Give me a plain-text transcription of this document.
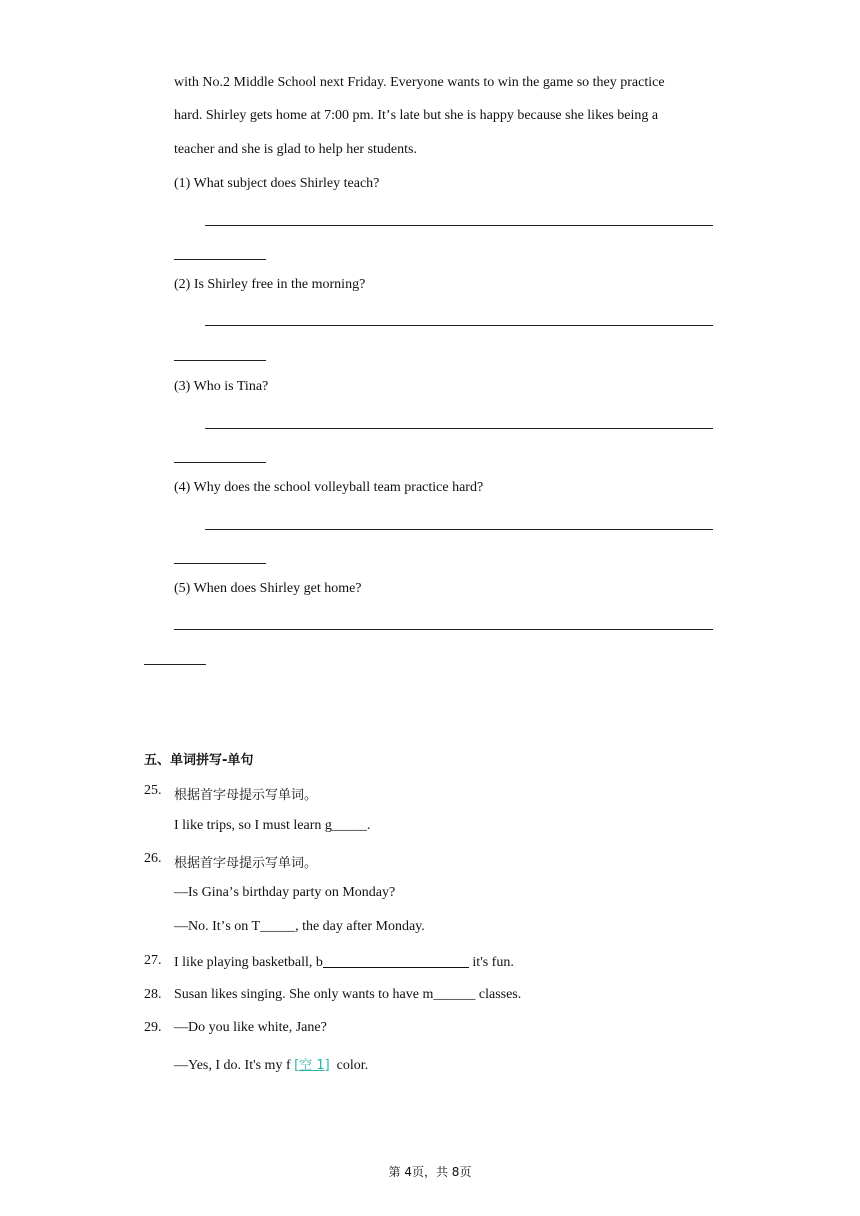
with No.2 Middle School next Friday. Everyone wants to win the game so they practice
hard. Shirley gets home at 7:00 pm. Itʼs late but she is happy because she likes being a
teacher and she is glad to help her students.
(1) What subject does Shirley teach?
(2) Is Shirley free in the morning?
(3) Who is Tina?
(4) Why does the school volleyball team practice hard?
(5) When does Shirley get home?
五、单词拼写-单句
25. 根据首字母提示写单词。
I like trips, so I must learn g_____.
26. 根据首字母提示写单词。
—Is Ginaʼs birthday party on Monday?
—No. Itʼs on T_____, the day after Monday.
27. I like playing basketball, b	it's fun.
28. Susan likes singing. She only wants to have m______ classes.
29. —Do you like white, Jane?
—Yes, I do. It's my f [空 1]  color.
第 4页，共 8页
